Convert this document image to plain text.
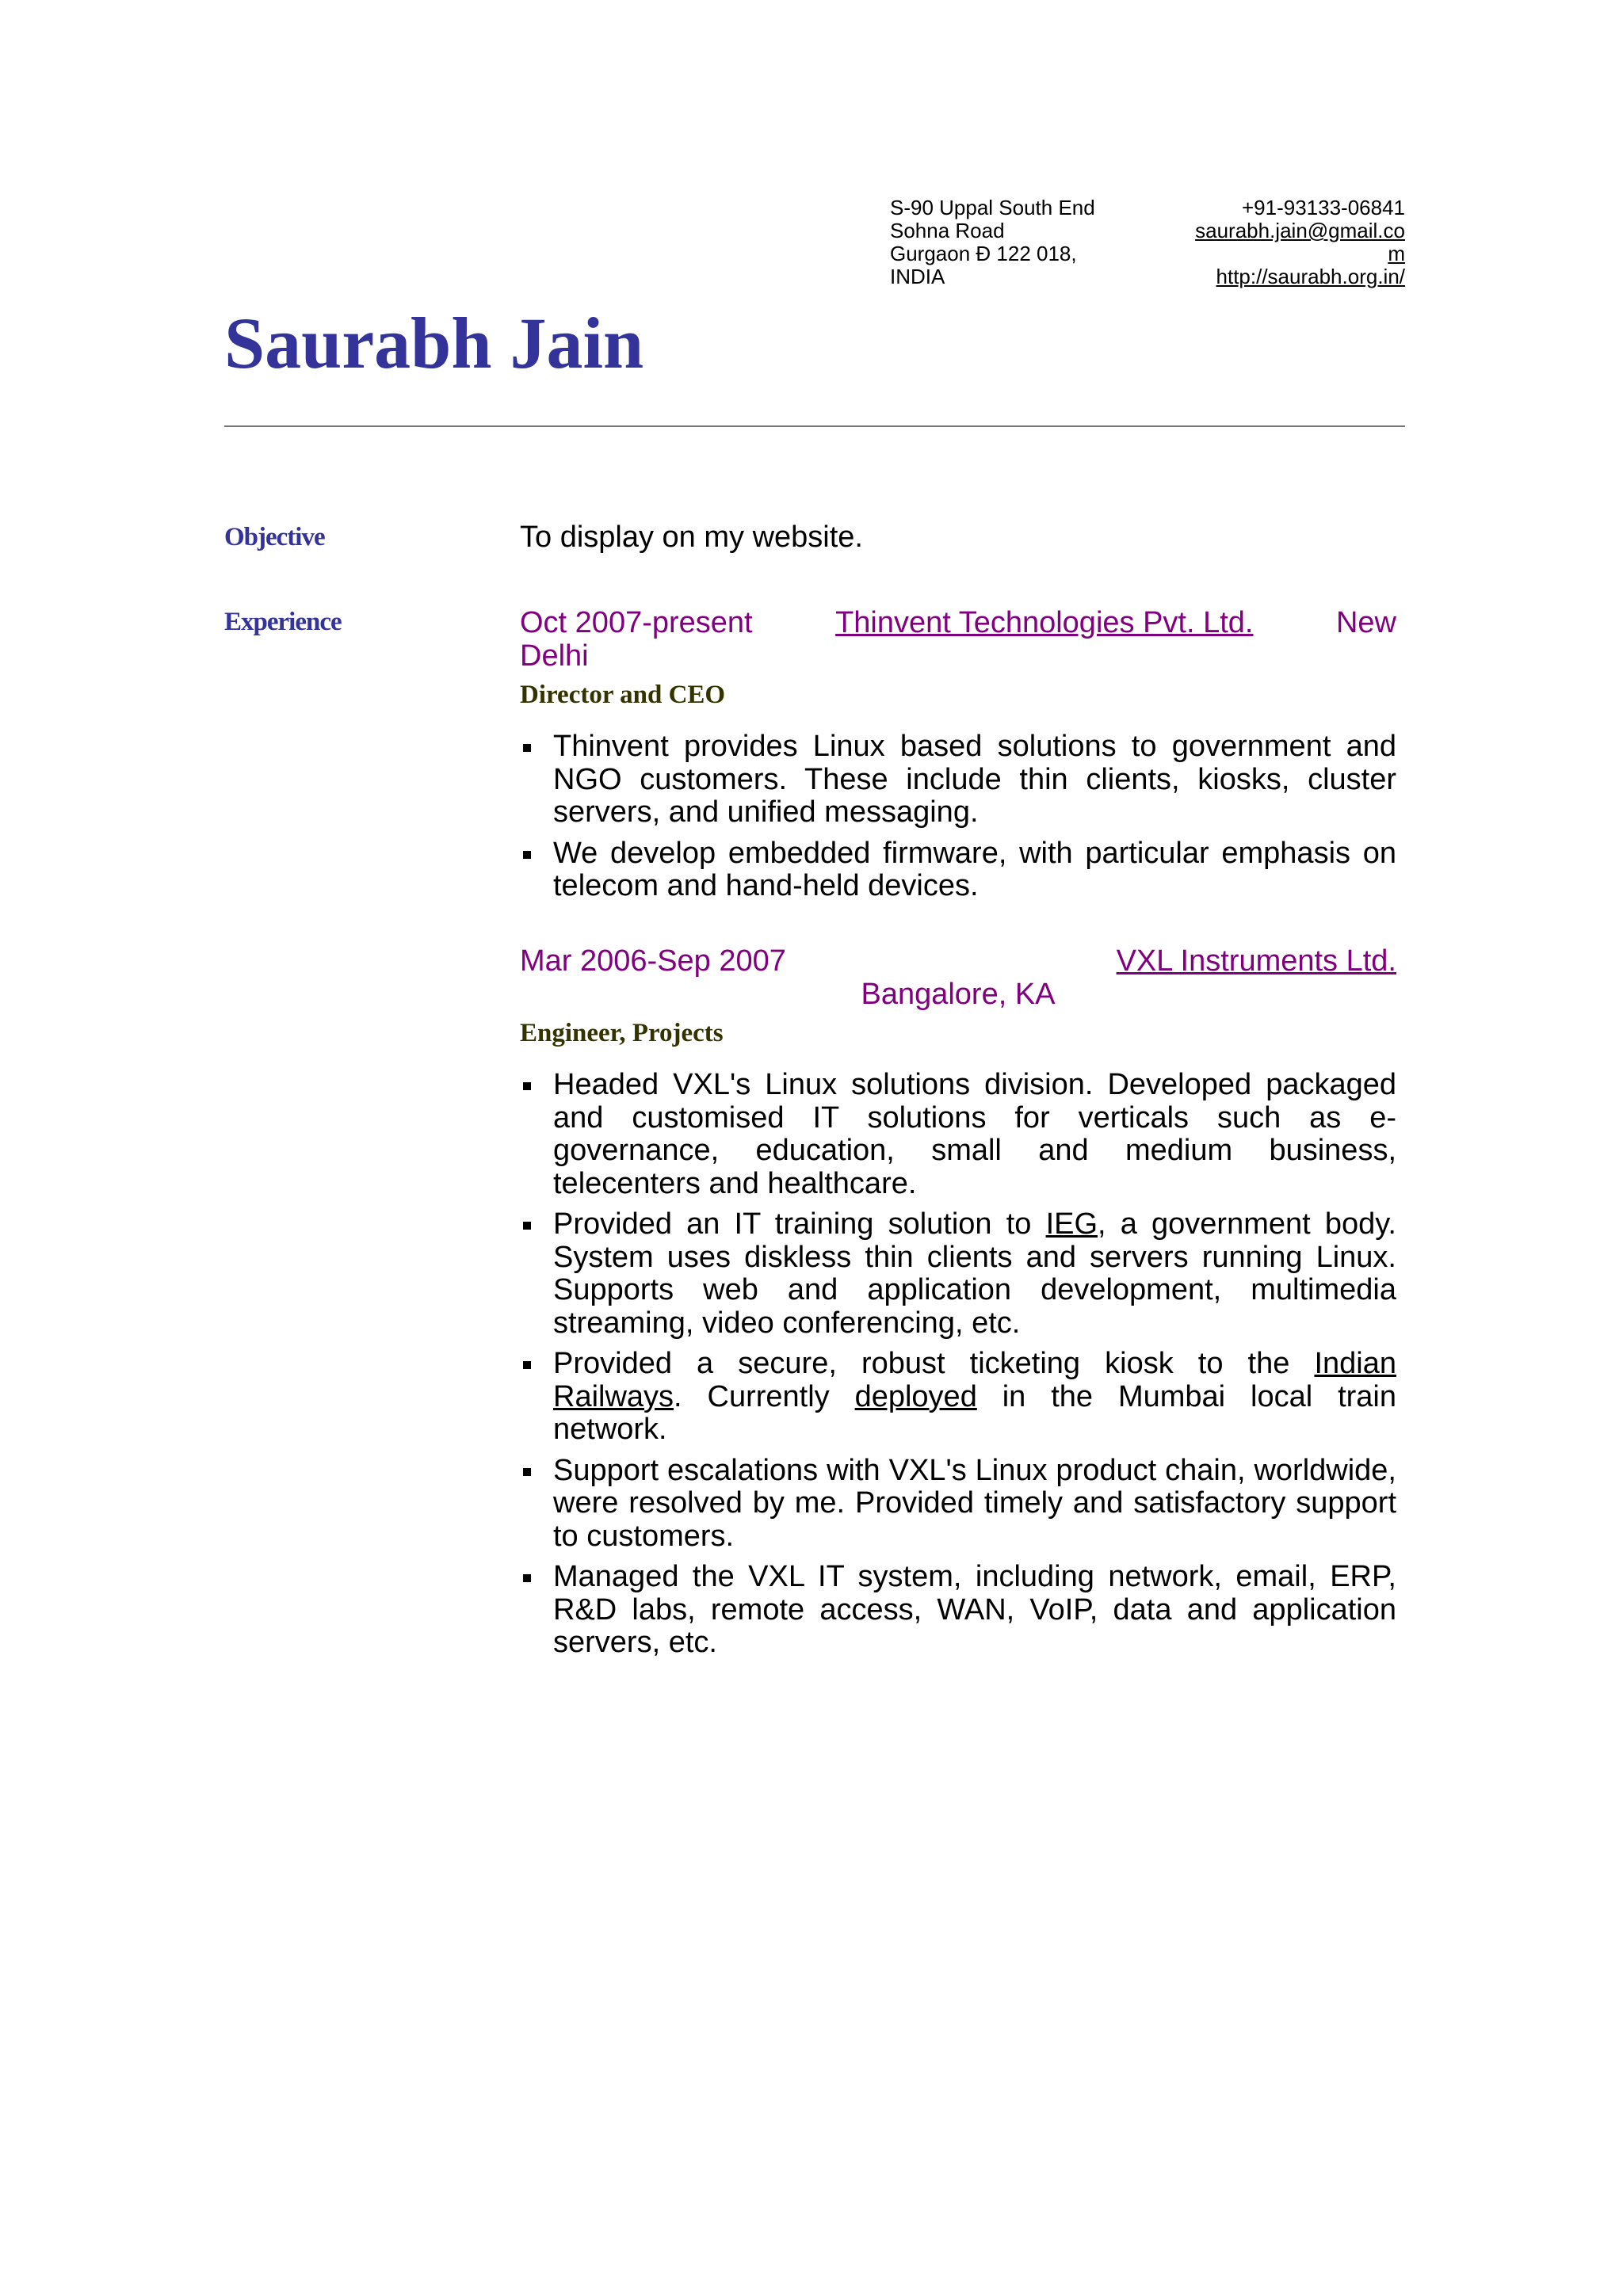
S-90 Uppal South End
Sohna Road
Gurgaon Ð 122 018,
INDIA
+91-93133-06841
saurabh.jain@gmail.co
m
http://saurabh.org.in/
Saurabh Jain
Objective	To display on my website.
Experience	Oct 2007-present	Thinvent Technologies Pvt. Ltd.	New
Delhi
Director and CEO
Thinvent provides Linux based solutions to government and NGO customers. These include thin clients, kiosks, cluster servers, and unified messaging.
We develop embedded firmware, with particular emphasis on telecom and hand-held devices.
Mar 2006-Sep 2007	VXL Instruments Ltd.
Bangalore, KA
Engineer, Projects
Headed VXL's Linux solutions division. Developed packaged and customised IT solutions for verticals such as e-governance, education, small and medium business, telecenters and healthcare.
Provided an IT training solution to IEG, a government body. System uses diskless thin clients and servers running Linux. Supports web and application development, multimedia streaming, video conferencing, etc.
Provided a secure, robust ticketing kiosk to the Indian Railways. Currently deployed in the Mumbai local train network.
Support escalations with VXL's Linux product chain, worldwide, were resolved by me. Provided timely and satisfactory support to customers.
Managed the VXL IT system, including network, email, ERP, R&D labs, remote access, WAN, VoIP, data and application servers, etc.
